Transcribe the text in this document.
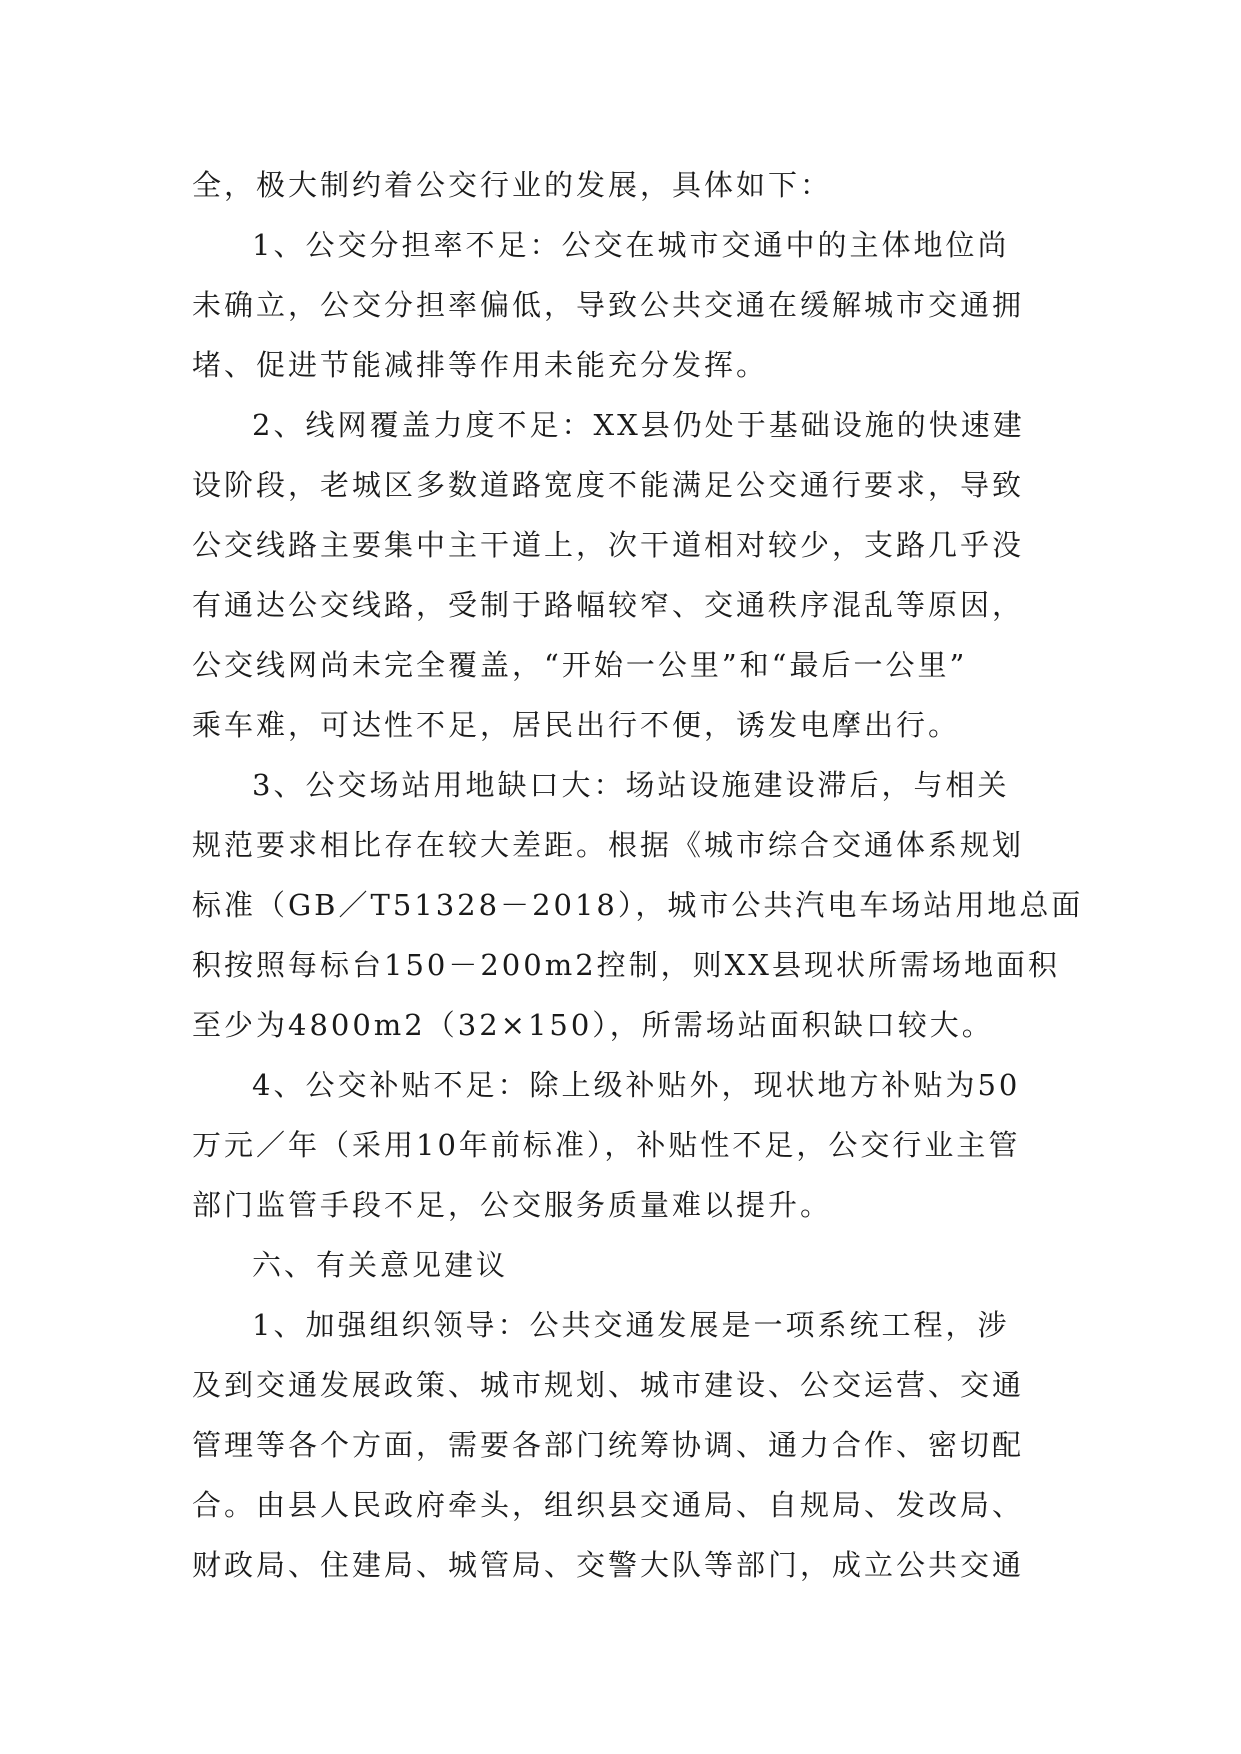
全，极大制约着公交行业的发展，具体如下：
1、公交分担率不足：公交在城市交通中的主体地位尚
未确立，公交分担率偏低，导致公共交通在缓解城市交通拥
堵、促进节能减排等作用未能充分发挥。
2、线网覆盖力度不足：XX县仍处于基础设施的快速建
设阶段，老城区多数道路宽度不能满足公交通行要求，导致
公交线路主要集中主干道上，次干道相对较少，支路几乎没
有通达公交线路，受制于路幅较窄、交通秩序混乱等原因，
公交线网尚未完全覆盖，“开始一公里”和“最后一公里”
乘车难，可达性不足，居民出行不便，诱发电摩出行。
3、公交场站用地缺口大：场站设施建设滞后，与相关
规范要求相比存在较大差距。根据《城市综合交通体系规划
标准（GB／T51328－2018），城市公共汽电车场站用地总面
积按照每标台150－200m2控制，则XX县现状所需场地面积
至少为4800m2（32×150），所需场站面积缺口较大。
4、公交补贴不足：除上级补贴外，现状地方补贴为50
万元／年（采用10年前标准），补贴性不足，公交行业主管
部门监管手段不足，公交服务质量难以提升。
六、有关意见建议
1、加强组织领导：公共交通发展是一项系统工程，涉
及到交通发展政策、城市规划、城市建设、公交运营、交通
管理等各个方面，需要各部门统筹协调、通力合作、密切配
合。由县人民政府牵头，组织县交通局、自规局、发改局、
财政局、住建局、城管局、交警大队等部门，成立公共交通
